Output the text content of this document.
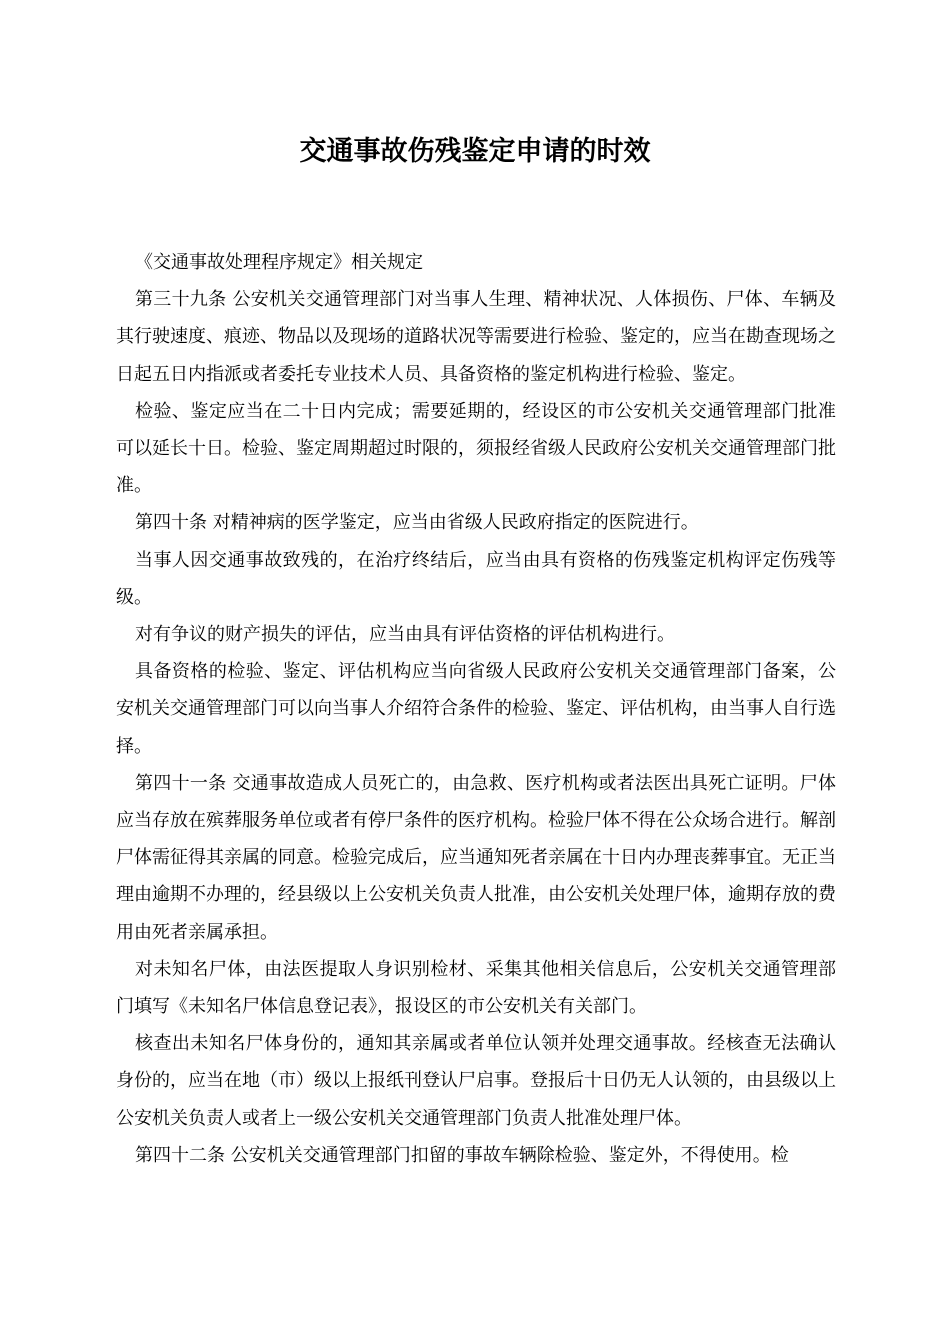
交通事故伤残鉴定申请的时效

《交通事故处理程序规定》相关规定

第三十九条 公安机关交通管理部门对当事人生理、精神状况、人体损伤、尸体、车辆及其行驶速度、痕迹、物品以及现场的道路状况等需要进行检验、鉴定的，应当在勘查现场之日起五日内指派或者委托专业技术人员、具备资格的鉴定机构进行检验、鉴定。

检验、鉴定应当在二十日内完成；需要延期的，经设区的市公安机关交通管理部门批准可以延长十日。检验、鉴定周期超过时限的，须报经省级人民政府公安机关交通管理部门批准。

第四十条 对精神病的医学鉴定，应当由省级人民政府指定的医院进行。

当事人因交通事故致残的，在治疗终结后，应当由具有资格的伤残鉴定机构评定伤残等级。

对有争议的财产损失的评估，应当由具有评估资格的评估机构进行。

具备资格的检验、鉴定、评估机构应当向省级人民政府公安机关交通管理部门备案，公安机关交通管理部门可以向当事人介绍符合条件的检验、鉴定、评估机构，由当事人自行选择。

第四十一条 交通事故造成人员死亡的，由急救、医疗机构或者法医出具死亡证明。尸体应当存放在殡葬服务单位或者有停尸条件的医疗机构。检验尸体不得在公众场合进行。解剖尸体需征得其亲属的同意。检验完成后，应当通知死者亲属在十日内办理丧葬事宜。无正当理由逾期不办理的，经县级以上公安机关负责人批准，由公安机关处理尸体，逾期存放的费用由死者亲属承担。

对未知名尸体，由法医提取人身识别检材、采集其他相关信息后，公安机关交通管理部门填写《未知名尸体信息登记表》，报设区的市公安机关有关部门。

核查出未知名尸体身份的，通知其亲属或者单位认领并处理交通事故。经核查无法确认身份的，应当在地（市）级以上报纸刊登认尸启事。登报后十日仍无人认领的，由县级以上公安机关负责人或者上一级公安机关交通管理部门负责人批准处理尸体。

第四十二条 公安机关交通管理部门扣留的事故车辆除检验、鉴定外，不得使用。检
